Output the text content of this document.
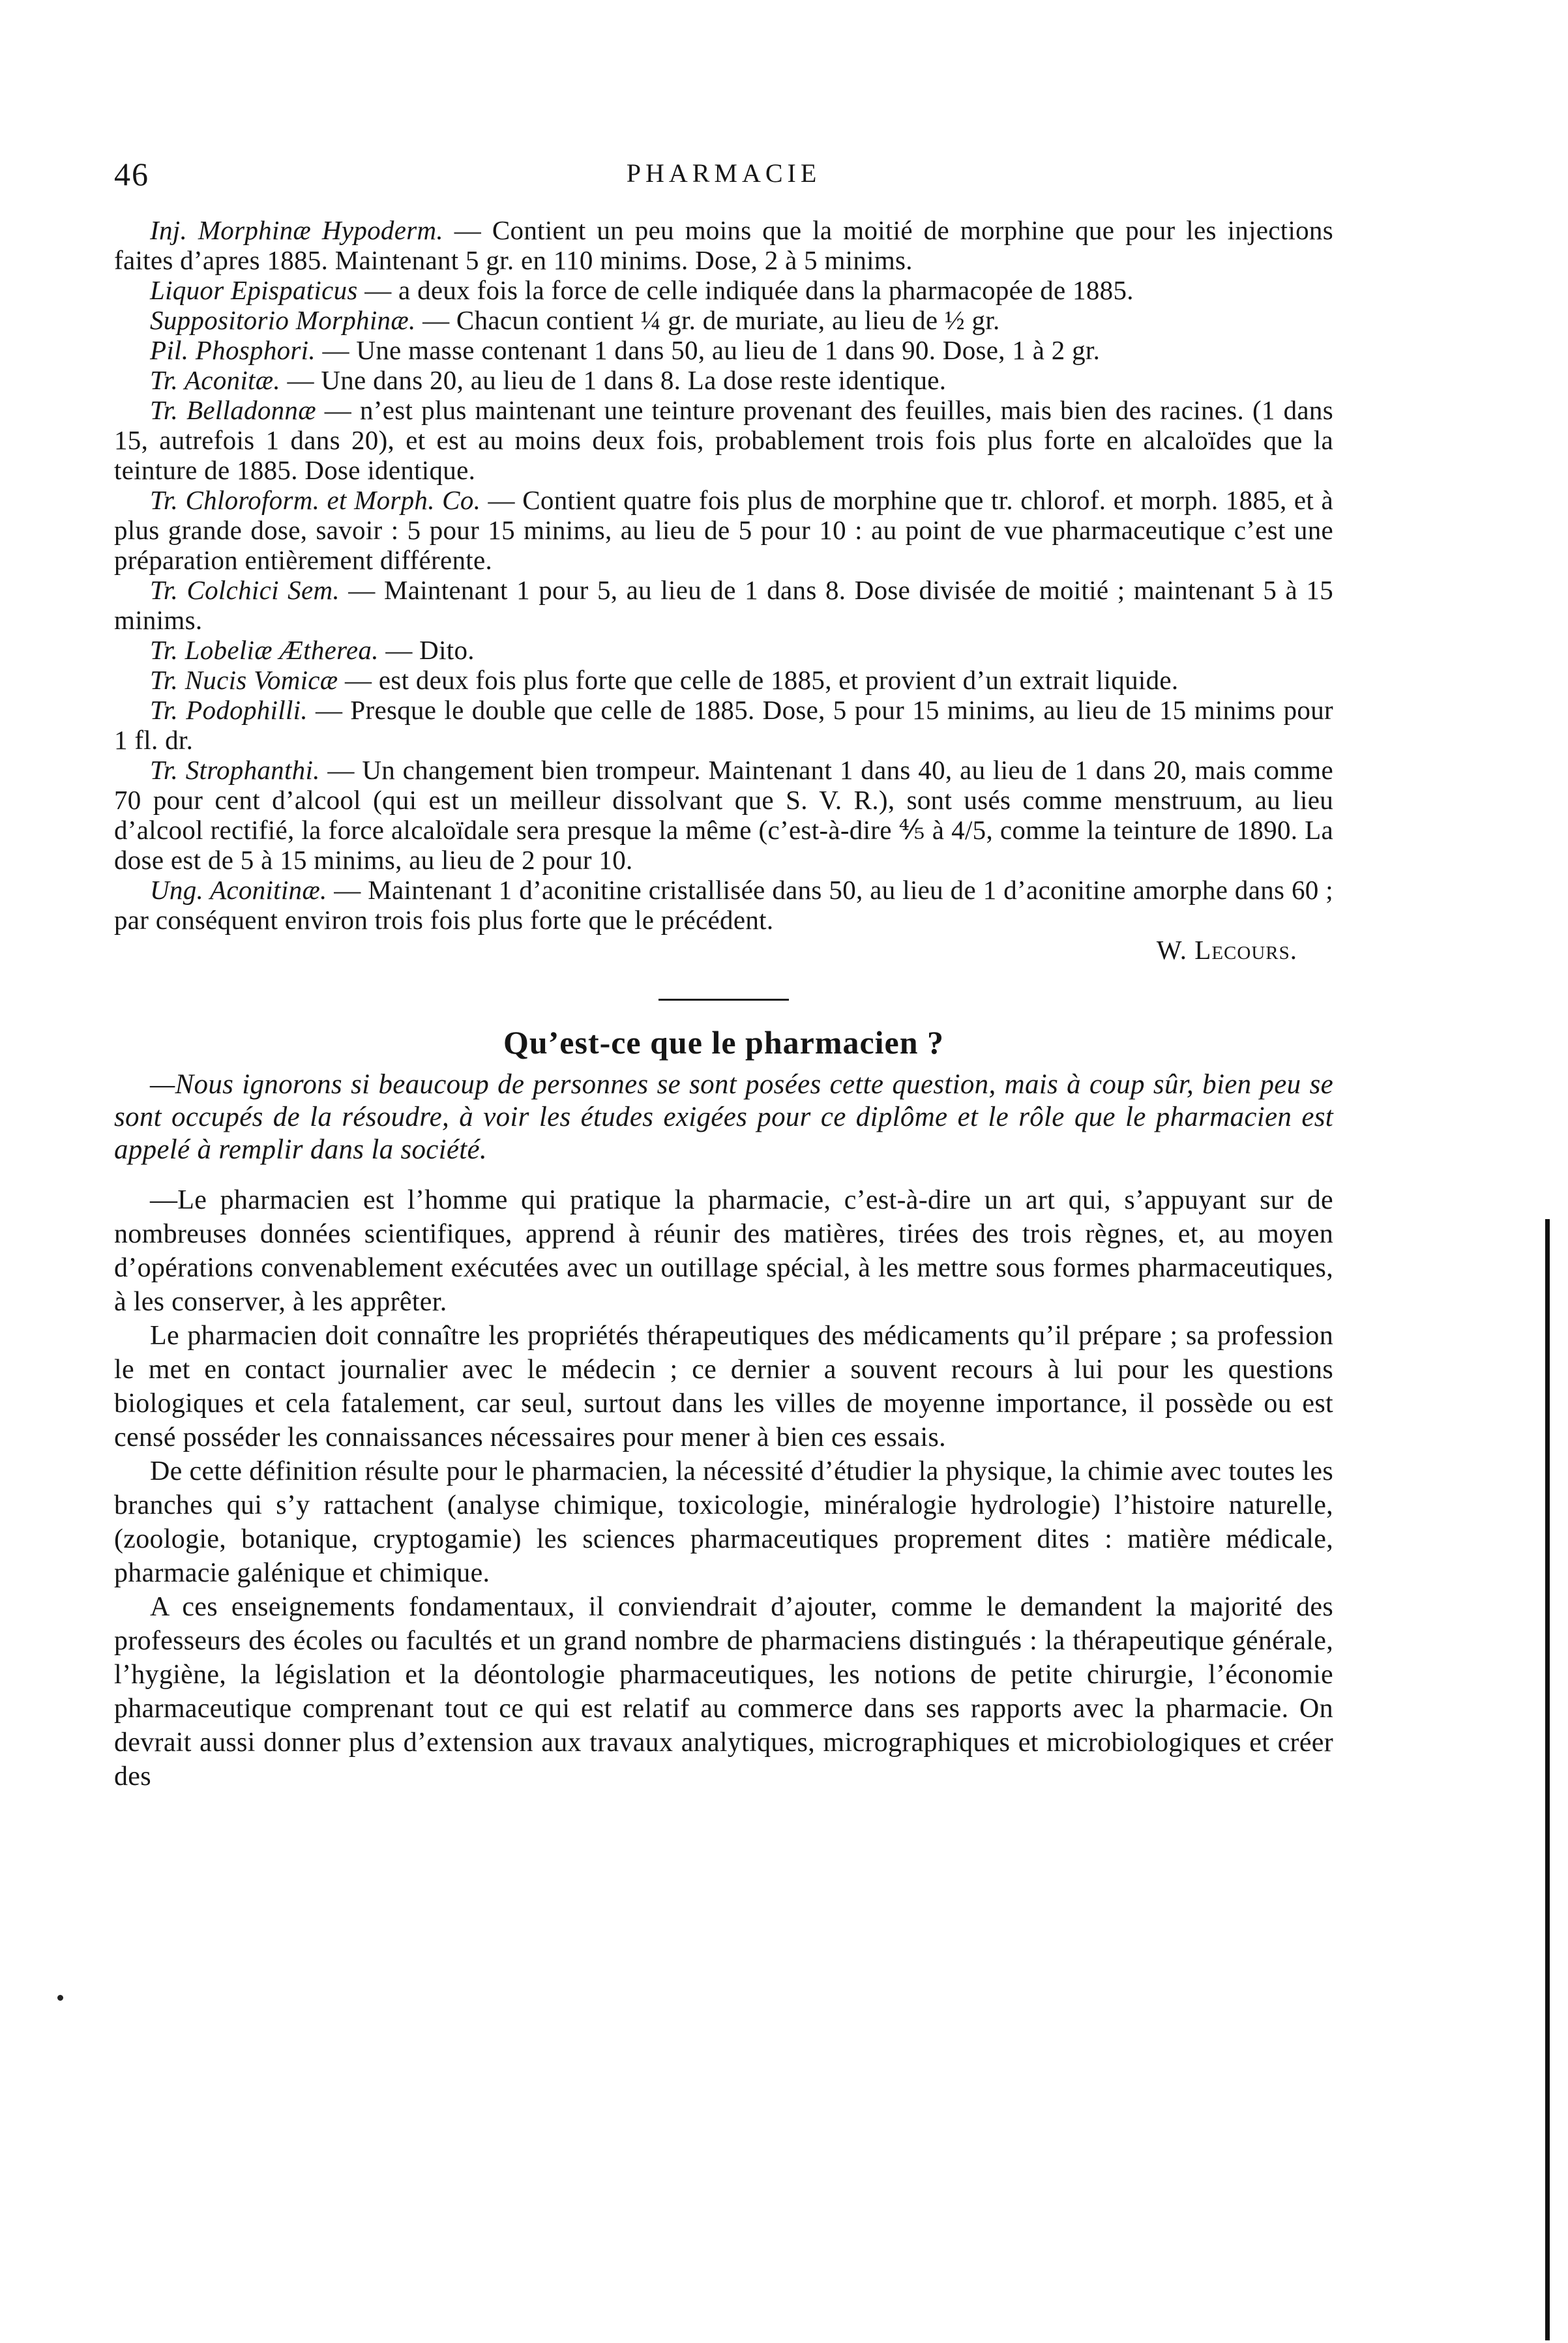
46	PHARMACIE

Inj. Morphinæ Hypoderm. — Contient un peu moins que la moitié de morphine que pour les injections faites d’apres 1885. Maintenant 5 gr. en 110 minims. Dose, 2 à 5 minims.

Liquor Epispaticus — a deux fois la force de celle indiquée dans la pharmacopée de 1885.

Suppositorio Morphinæ. — Chacun contient ¼ gr. de muriate, au lieu de ½ gr.

Pil. Phosphori. — Une masse contenant 1 dans 50, au lieu de 1 dans 90. Dose, 1 à 2 gr.

Tr. Aconitæ. — Une dans 20, au lieu de 1 dans 8. La dose reste identique.

Tr. Belladonnæ — n’est plus maintenant une teinture provenant des feuilles, mais bien des racines. (1 dans 15, autrefois 1 dans 20), et est au moins deux fois, probablement trois fois plus forte en alcaloïdes que la teinture de 1885. Dose identique.

Tr. Chloroform. et Morph. Co. — Contient quatre fois plus de morphine que tr. chlorof. et morph. 1885, et à plus grande dose, savoir : 5 pour 15 minims, au lieu de 5 pour 10 : au point de vue pharmaceutique c’est une préparation entièrement différente.

Tr. Colchici Sem. — Maintenant 1 pour 5, au lieu de 1 dans 8. Dose divisée de moitié ; maintenant 5 à 15 minims.

Tr. Lobeliæ Ætherea. — Dito.

Tr. Nucis Vomicæ — est deux fois plus forte que celle de 1885, et provient d’un extrait liquide.

Tr. Podophilli. — Presque le double que celle de 1885. Dose, 5 pour 15 minims, au lieu de 15 minims pour 1 fl. dr.

Tr. Strophanthi. — Un changement bien trompeur. Maintenant 1 dans 40, au lieu de 1 dans 20, mais comme 70 pour cent d’alcool (qui est un meilleur dissolvant que S. V. R.), sont usés comme menstruum, au lieu d’alcool rectifié, la force alcaloïdale sera presque la même (c’est-à-dire ⅘ à 4/5, comme la teinture de 1890. La dose est de 5 à 15 minims, au lieu de 2 pour 10.

Ung. Aconitinæ. — Maintenant 1 d’aconitine cristallisée dans 50, au lieu de 1 d’aconitine amorphe dans 60 ; par conséquent environ trois fois plus forte que le précédent.

W. Lecours.

Qu’est-ce que le pharmacien ?

—Nous ignorons si beaucoup de personnes se sont posées cette question, mais à coup sûr, bien peu se sont occupés de la résoudre, à voir les études exigées pour ce diplôme et le rôle que le pharmacien est appelé à remplir dans la société.

—Le pharmacien est l’homme qui pratique la pharmacie, c’est-à-dire un art qui, s’appuyant sur de nombreuses données scientifiques, apprend à réunir des matières, tirées des trois règnes, et, au moyen d’opérations convenablement exécutées avec un outillage spécial, à les mettre sous formes pharmaceutiques, à les conserver, à les apprêter.

Le pharmacien doit connaître les propriétés thérapeutiques des médicaments qu’il prépare ; sa profession le met en contact journalier avec le médecin ; ce dernier a souvent recours à lui pour les questions biologiques et cela fatalement, car seul, surtout dans les villes de moyenne importance, il possède ou est censé posséder les connaissances nécessaires pour mener à bien ces essais.

De cette définition résulte pour le pharmacien, la nécessité d’étudier la physique, la chimie avec toutes les branches qui s’y rattachent (analyse chimique, toxicologie, minéralogie hydrologie) l’histoire naturelle, (zoologie, botanique, cryptogamie) les sciences pharmaceutiques proprement dites : matière médicale, pharmacie galénique et chimique.

A ces enseignements fondamentaux, il conviendrait d’ajouter, comme le demandent la majorité des professeurs des écoles ou facultés et un grand nombre de pharmaciens distingués : la thérapeutique générale, l’hygiène, la législation et la déontologie pharmaceutiques, les notions de petite chirurgie, l’économie pharmaceutique comprenant tout ce qui est relatif au commerce dans ses rapports avec la pharmacie. On devrait aussi donner plus d’extension aux travaux analytiques, micrographiques et microbiologiques et créer des
